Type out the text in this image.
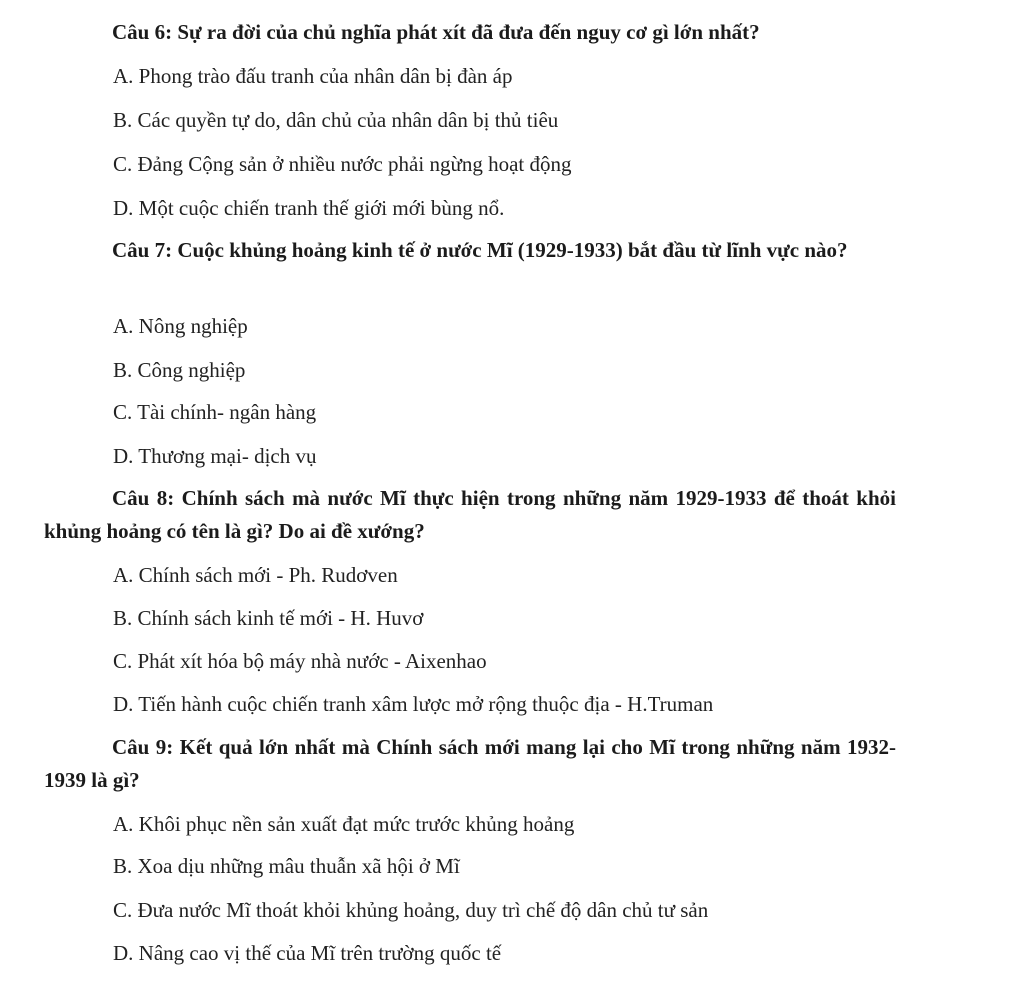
Câu 6: Sự ra đời của chủ nghĩa phát xít đã đưa đến nguy cơ gì lớn nhất?
A. Phong trào đấu tranh của nhân dân bị đàn áp
B. Các quyền tự do, dân chủ của nhân dân bị thủ tiêu
C. Đảng Cộng sản ở nhiều nước phải ngừng hoạt động
D. Một cuộc chiến tranh thế giới mới bùng nổ.
Câu 7: Cuộc khủng hoảng kinh tế ở nước Mĩ (1929-1933) bắt đầu từ lĩnh vực nào?
A. Nông nghiệp
B. Công nghiệp
C. Tài chính- ngân hàng
D. Thương mại- dịch vụ
Câu 8: Chính sách mà nước Mĩ thực hiện trong những năm 1929-1933 để thoát khỏi khủng hoảng có tên là gì? Do ai đề xướng?
A. Chính sách mới - Ph. Rudơven
B. Chính sách kinh tế mới - H. Huvơ
C. Phát xít hóa bộ máy nhà nước - Aixenhao
D. Tiến hành cuộc chiến tranh xâm lược mở rộng thuộc địa - H.Truman
Câu 9: Kết quả lớn nhất mà Chính sách mới mang lại cho Mĩ trong những năm 1932-1939 là gì?
A. Khôi phục nền sản xuất đạt mức trước khủng hoảng
B. Xoa dịu những mâu thuẫn xã hội ở Mĩ
C. Đưa nước Mĩ thoát khỏi khủng hoảng, duy trì chế độ dân chủ tư sản
D. Nâng cao vị thế của Mĩ trên trường quốc tế
